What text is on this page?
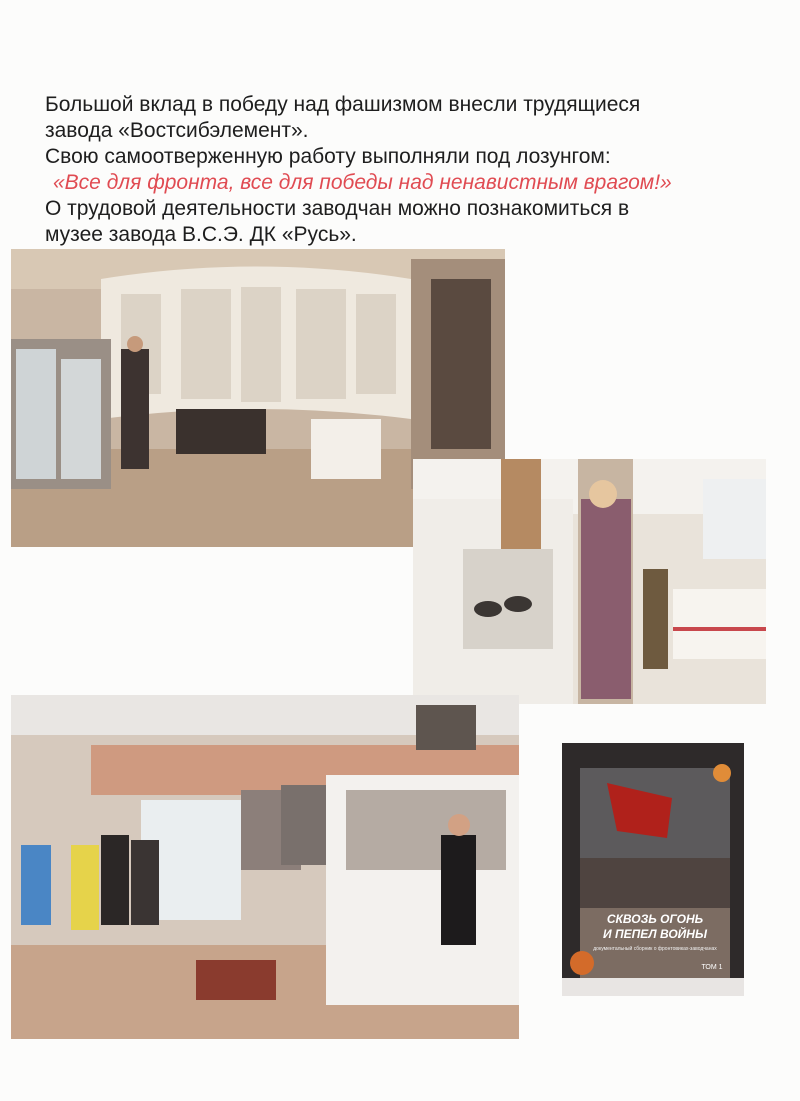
Большой вклад в победу над фашизмом внесли трудящиеся

завода «Востсибэлемент».

Свою самоотверженную работу выполняли под лозунгом:

«Все для фронта, все для победы над ненавистным врагом!»

О трудовой деятельности заводчан можно познакомиться в

музее завода В.С.Э. ДК «Русь».

СКВОЗЬ ОГОНЬ
И ПЕПЕЛ ВОЙНЫ
документальный сборник о фронтовиках-заводчанах
ТОМ 1
